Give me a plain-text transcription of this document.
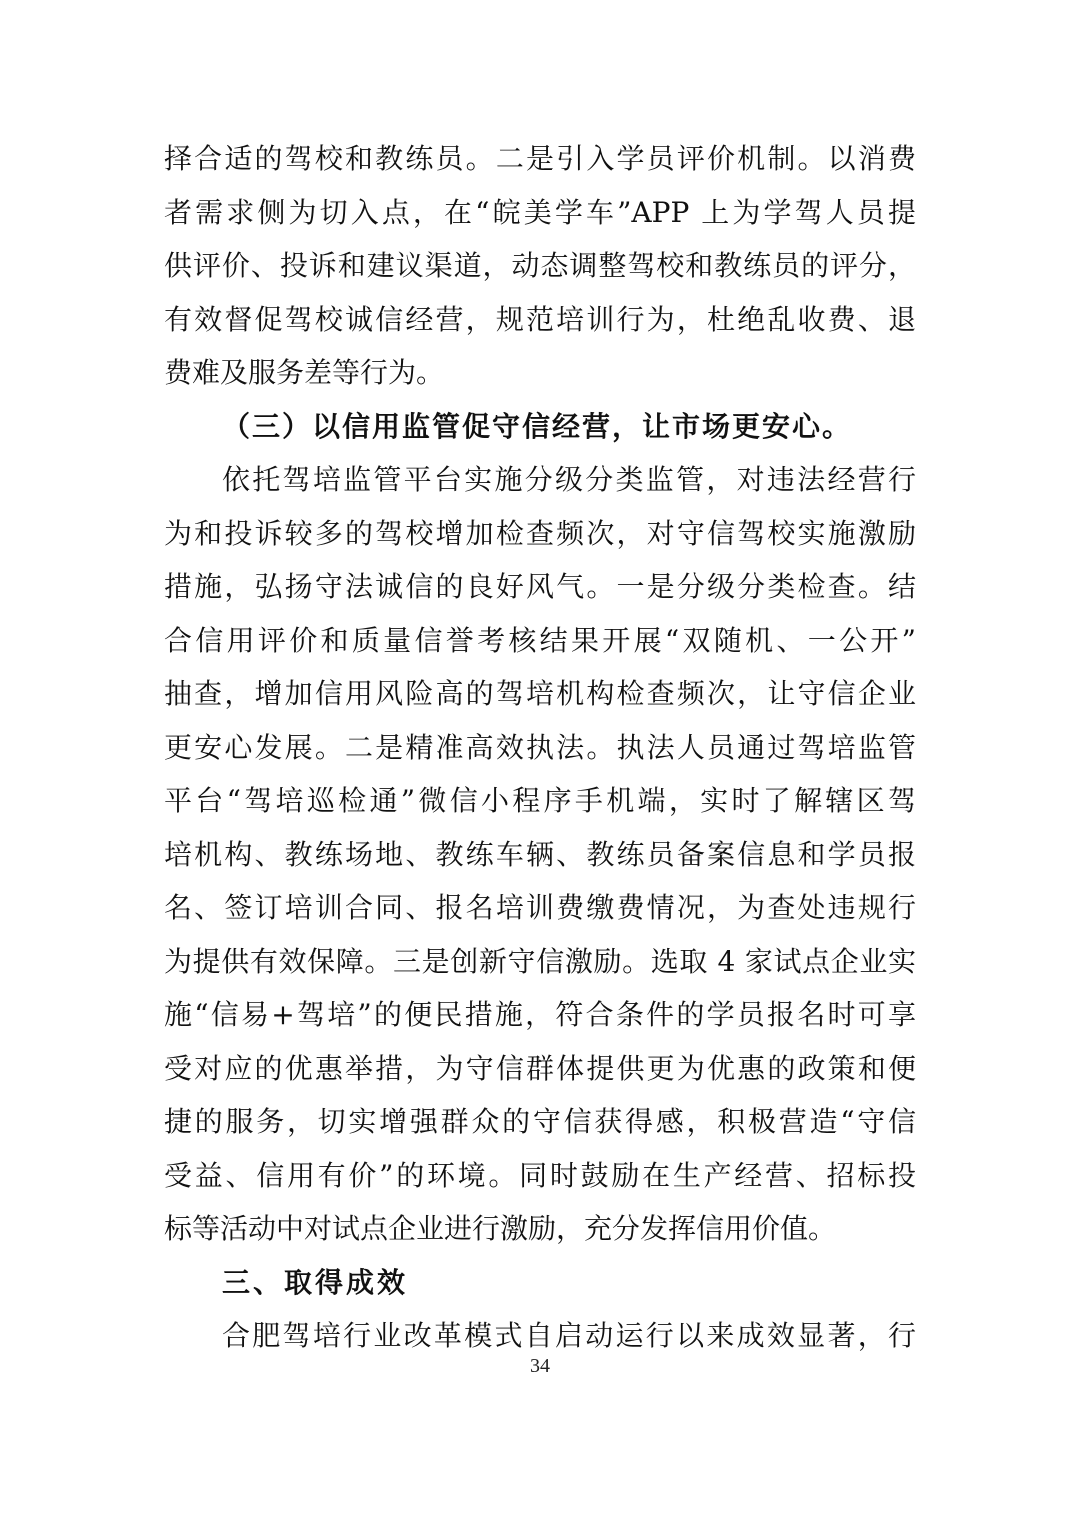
择合适的驾校和教练员。二是引入学员评价机制。以消费
者需求侧为切入点，在“皖美学车”APP 上为学驾人员提
供评价、投诉和建议渠道，动态调整驾校和教练员的评分，
有效督促驾校诚信经营，规范培训行为，杜绝乱收费、退
费难及服务差等行为。
（三）以信用监管促守信经营，让市场更安心。
依托驾培监管平台实施分级分类监管，对违法经营行
为和投诉较多的驾校增加检查频次，对守信驾校实施激励
措施，弘扬守法诚信的良好风气。一是分级分类检查。结
合信用评价和质量信誉考核结果开展“双随机、一公开”
抽查，增加信用风险高的驾培机构检查频次，让守信企业
更安心发展。二是精准高效执法。执法人员通过驾培监管
平台“驾培巡检通”微信小程序手机端，实时了解辖区驾
培机构、教练场地、教练车辆、教练员备案信息和学员报
名、签订培训合同、报名培训费缴费情况，为查处违规行
为提供有效保障。三是创新守信激励。选取 4 家试点企业实
施“信易+驾培”的便民措施，符合条件的学员报名时可享
受对应的优惠举措，为守信群体提供更为优惠的政策和便
捷的服务，切实增强群众的守信获得感，积极营造“守信
受益、信用有价”的环境。同时鼓励在生产经营、招标投
标等活动中对试点企业进行激励，充分发挥信用价值。
三、取得成效
合肥驾培行业改革模式自启动运行以来成效显著，行
34
